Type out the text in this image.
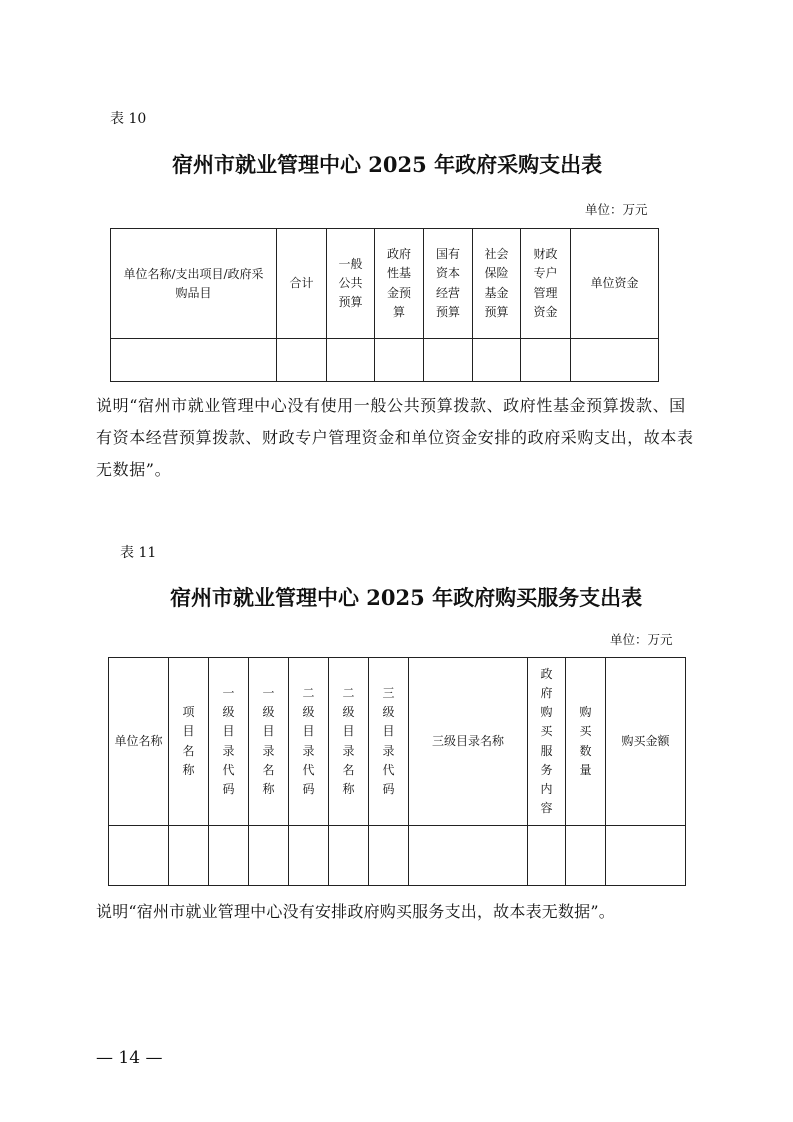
表 10
宿州市就业管理中心 2025 年政府采购支出表
单位：万元
单位名称/支出项目/政府采购品目	合计	一般公共预算	政府性基金预算	国有资本经营预算	社会保险基金预算	财政专户管理资金	单位资金

说明“宿州市就业管理中心没有使用一般公共预算拨款、政府性基金预算拨款、国有资本经营预算拨款、财政专户管理资金和单位资金安排的政府采购支出，故本表无数据”。
表 11
宿州市就业管理中心 2025 年政府购买服务支出表
单位：万元
单位名称	项目名称	一级目录代码	一级目录名称	二级目录代码	二级目录名称	三级目录代码	三级目录名称	政府购买服务内容	购买数量	购买金额

说明“宿州市就业管理中心没有安排政府购买服务支出，故本表无数据”。
— 14 —
